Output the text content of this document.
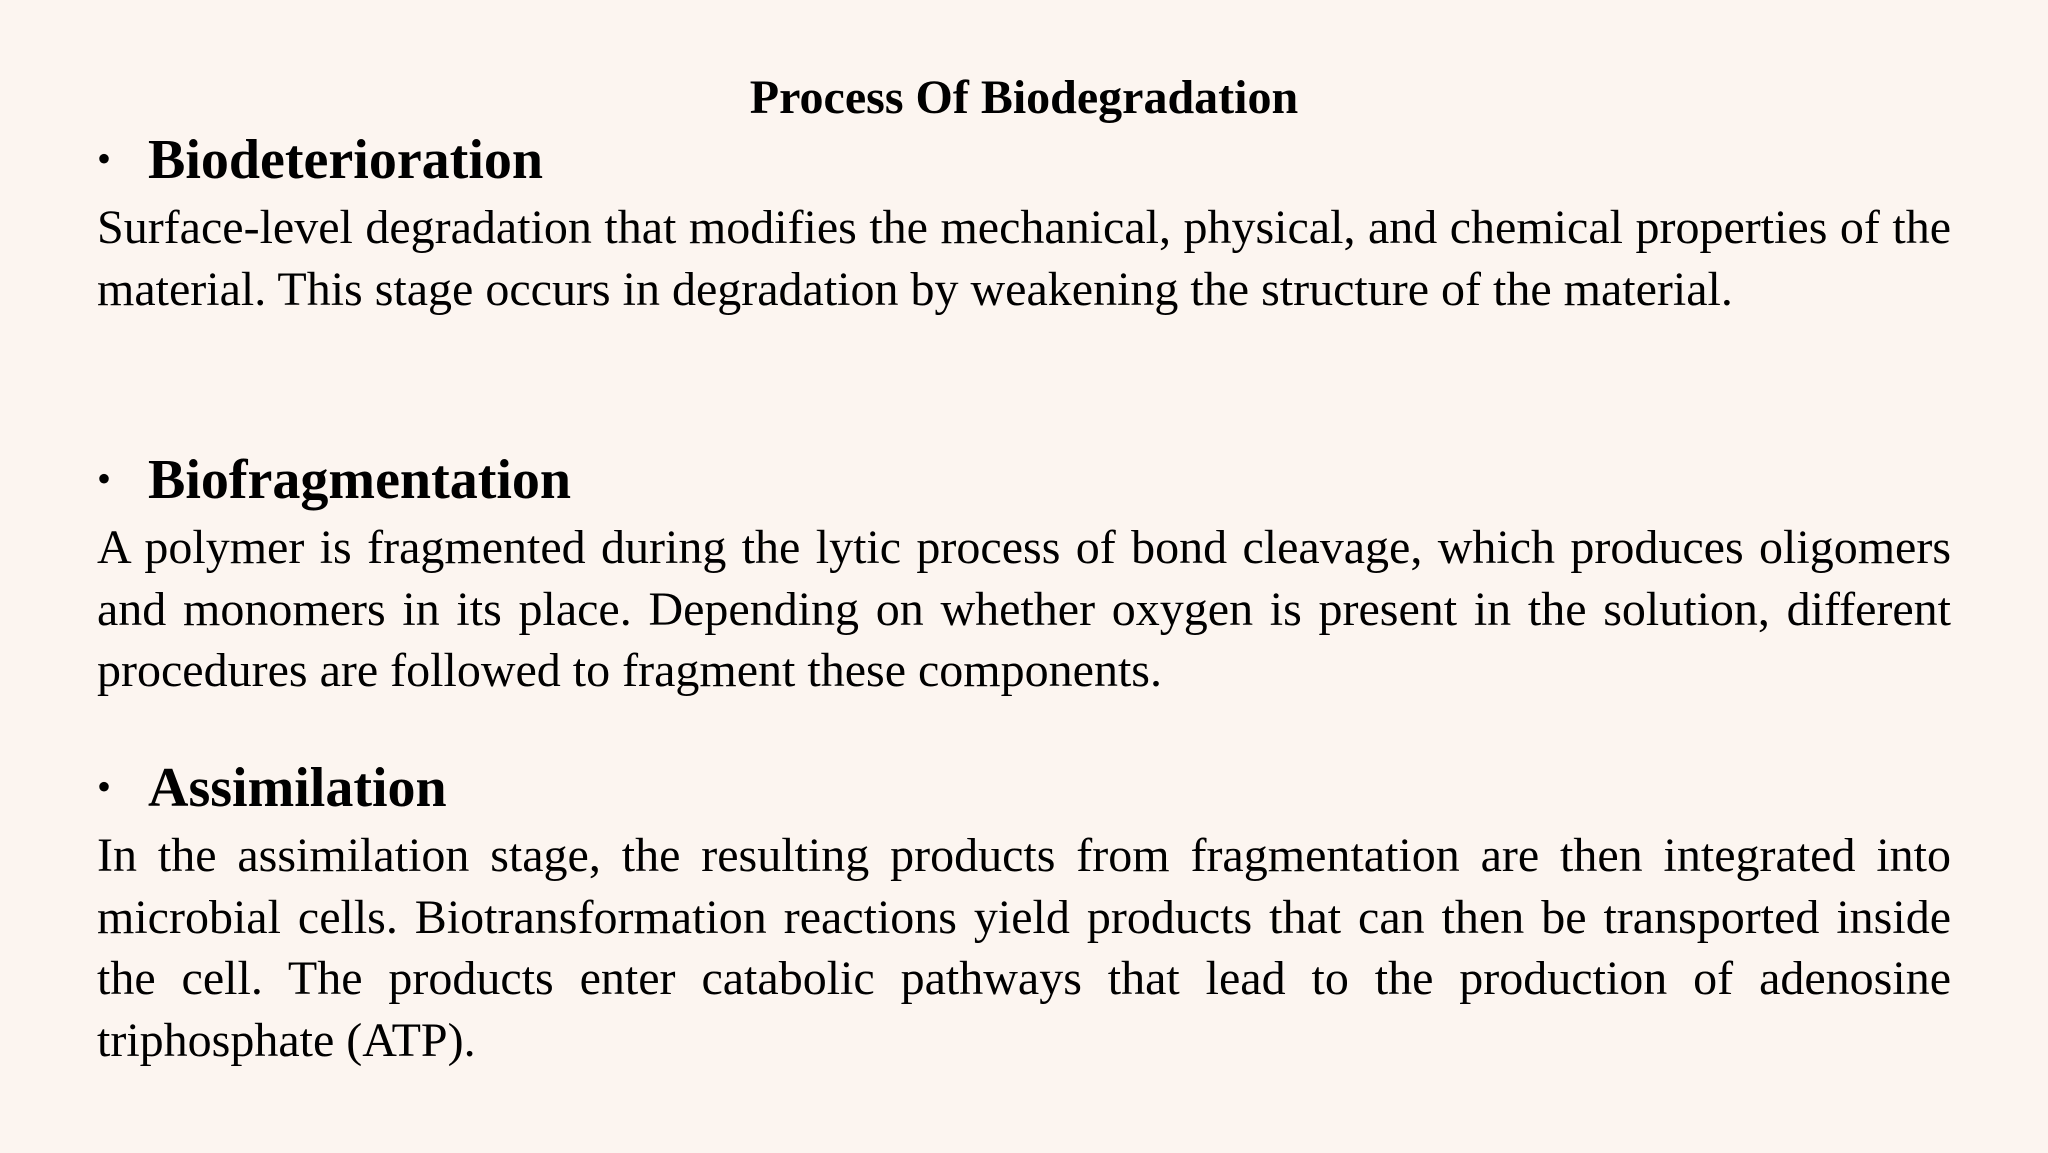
Process Of Biodegradation
• Biodeterioration

Surface-level degradation that modifies the mechanical, physical, and chemical properties of the material. This stage occurs in degradation by weakening the structure of the material.

• Biofragmentation

A polymer is fragmented during the lytic process of bond cleavage, which produces oligomers and monomers in its place. Depending on whether oxygen is present in the solution, different procedures are followed to fragment these components.

• Assimilation

In the assimilation stage, the resulting products from fragmentation are then integrated into microbial cells. Biotransformation reactions yield products that can then be transported inside the cell. The products enter catabolic pathways that lead to the production of adenosine triphosphate (ATP).
